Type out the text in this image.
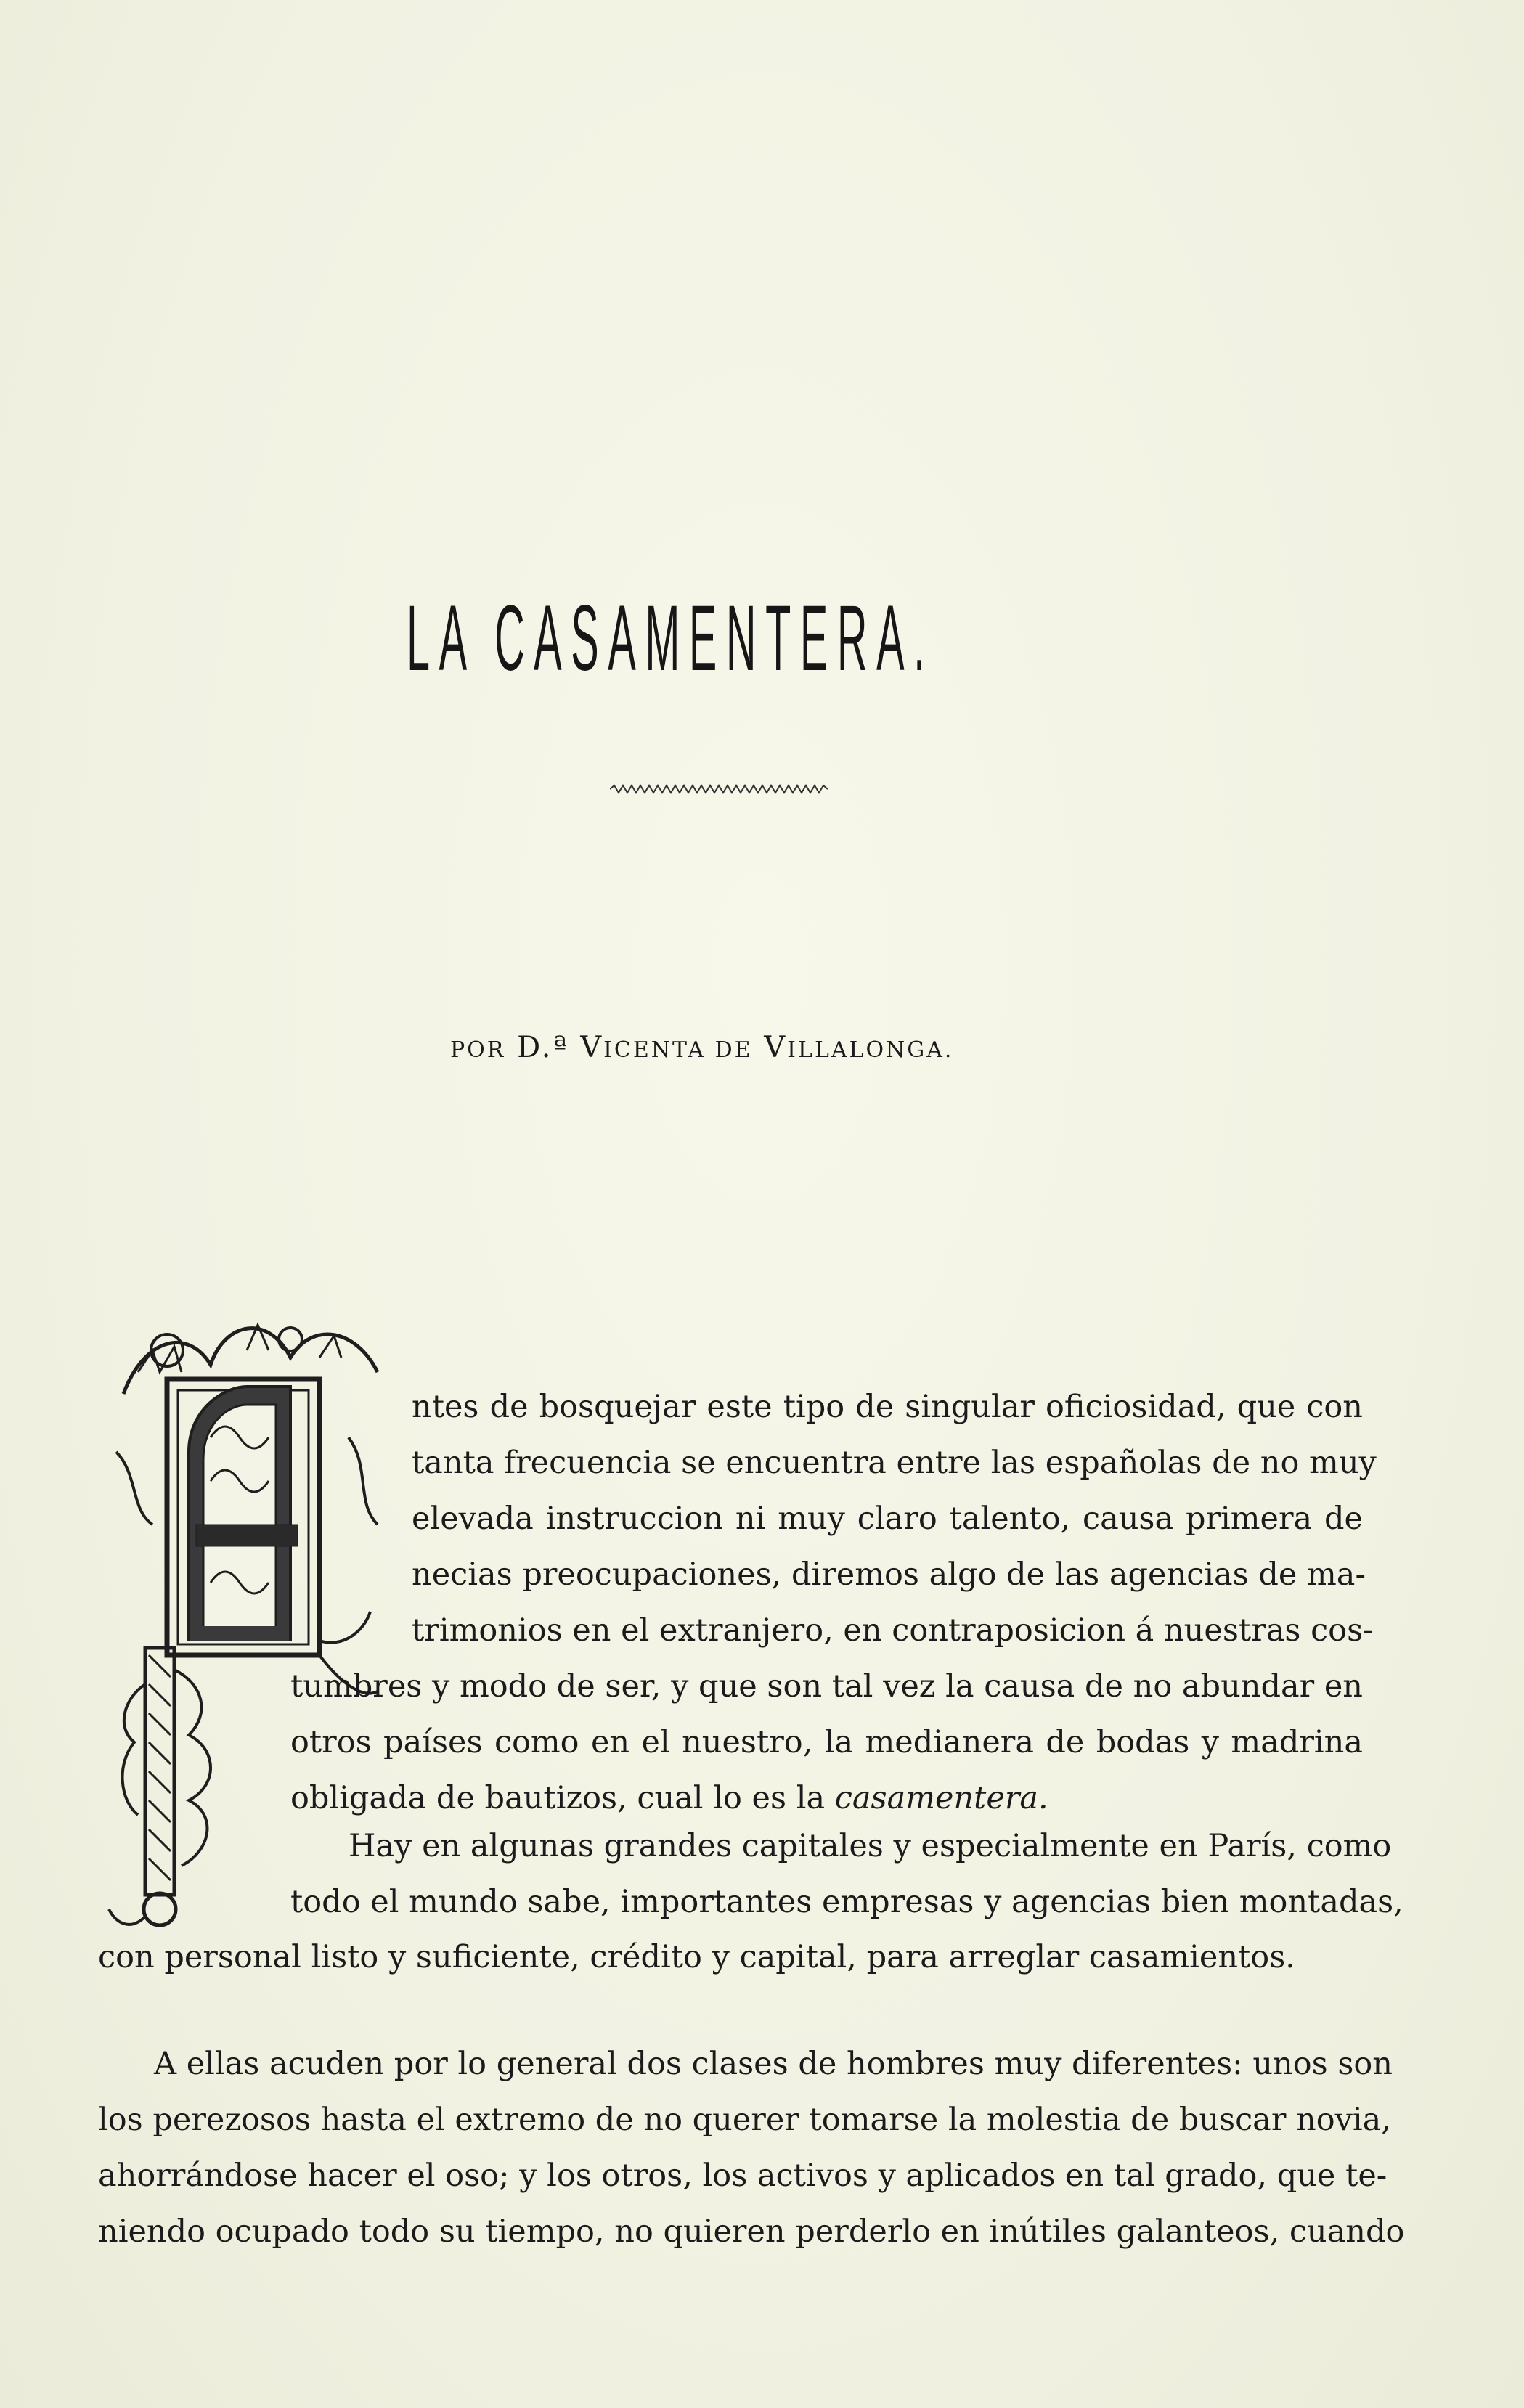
LA CASAMENTERA.
POR D.ª VICENTA DE VILLALONGA.
ntes de bosquejar este tipo de singular oficiosidad, que con
tanta frecuencia se encuentra entre las españolas de no muy
elevada instruccion ni muy claro talento, causa primera de
necias preocupaciones, diremos algo de las agencias de ma-
trimonios en el extranjero, en contraposicion á nuestras cos-
tumbres y modo de ser, y que son tal vez la causa de no abundar en
otros países como en el nuestro, la medianera de bodas y madrina
obligada de bautizos, cual lo es la casamentera.
Hay en algunas grandes capitales y especialmente en París, como
todo el mundo sabe, importantes empresas y agencias bien montadas,
con personal listo y suficiente, crédito y capital, para arreglar casamientos.
A ellas acuden por lo general dos clases de hombres muy diferentes: unos son
los perezosos hasta el extremo de no querer tomarse la molestia de buscar novia,
ahorrándose hacer el oso; y los otros, los activos y aplicados en tal grado, que te-
niendo ocupado todo su tiempo, no quieren perderlo en inútiles galanteos, cuando
